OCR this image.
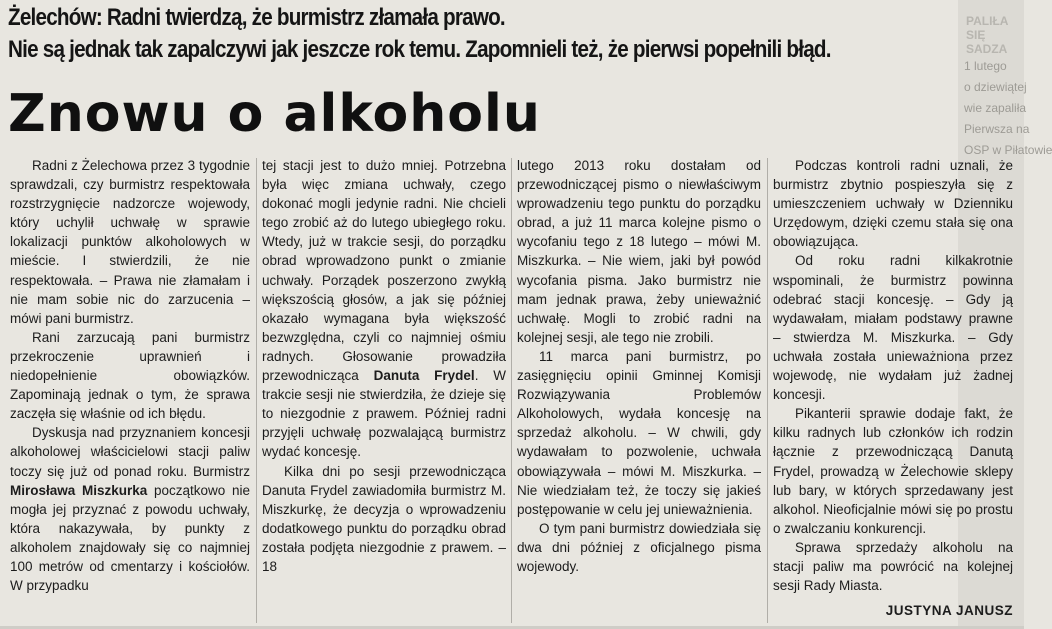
PALIŁA SIĘ SADZA
1 lutego
o dziewiątej
wie zapaliła
Pierwsza na
OSP w Piłatowie
Żelechów: Radni twierdzą, że burmistrz złamała prawo.
Nie są jednak tak zapalczywi jak jeszcze rok temu. Zapomnieli też, że pierwsi popełnili błąd.
Znowu o alkoholu

Radni z Żelechowa przez 3 tygodnie sprawdzali, czy burmistrz respektowała rozstrzygnięcie nadzorcze wojewody, który uchylił uchwałę w sprawie lokalizacji punktów alkoholowych w mieście. I stwierdzili, że nie respektowała. – Prawa nie złamałam i nie mam sobie nic do zarzucenia – mówi pani burmistrz.

Rani zarzucają pani burmistrz przekroczenie uprawnień i niedopełnienie obowiązków. Zapominają jednak o tym, że sprawa zaczęła się właśnie od ich błędu.

Dyskusja nad przyznaniem koncesji alkoholowej właścicielowi stacji paliw toczy się już od ponad roku. Burmistrz Mirosława Miszkurka początkowo nie mogła jej przyznać z powodu uchwały, która nakazywała, by punkty z alkoholem znajdowały się co najmniej 100 metrów od cmentarzy i kościołów. W przypadku

tej stacji jest to dużo mniej. Potrzebna była więc zmiana uchwały, czego dokonać mogli jedynie radni. Nie chcieli tego zrobić aż do lutego ubiegłego roku. Wtedy, już w trakcie sesji, do porządku obrad wprowadzono punkt o zmianie uchwały. Porządek poszerzono zwykłą większością głosów, a jak się później okazało wymagana była większość bezwzględna, czyli co najmniej ośmiu radnych. Głosowanie prowadziła przewodnicząca Danuta Frydel. W trakcie sesji nie stwierdziła, że dzieje się to niezgodnie z prawem. Później radni przyjęli uchwałę pozwalającą burmistrz wydać koncesję.

Kilka dni po sesji przewodnicząca Danuta Frydel zawiadomiła burmistrz M. Miszkurkę, że decyzja o wprowadzeniu dodatkowego punktu do porządku obrad została podjęta niezgodnie z prawem. – 18

lutego 2013 roku dostałam od przewodniczącej pismo o niewłaściwym wprowadzeniu tego punktu do porządku obrad, a już 11 marca kolejne pismo o wycofaniu tego z 18 lutego – mówi M. Miszkurka. – Nie wiem, jaki był powód wycofania pisma. Jako burmistrz nie mam jednak prawa, żeby unieważnić uchwałę. Mogli to zrobić radni na kolejnej sesji, ale tego nie zrobili.

11 marca pani burmistrz, po zasięgnięciu opinii Gminnej Komisji Rozwiązywania Problemów Alkoholowych, wydała koncesję na sprzedaż alkoholu. – W chwili, gdy wydawałam to pozwolenie, uchwała obowiązywała – mówi M. Miszkurka. – Nie wiedziałam też, że toczy się jakieś postępowanie w celu jej unieważnienia.

O tym pani burmistrz dowiedziała się dwa dni później z oficjalnego pisma wojewody.

Podczas kontroli radni uznali, że burmistrz zbytnio pospieszyła się z umieszczeniem uchwały w Dzienniku Urzędowym, dzięki czemu stała się ona obowiązująca.

Od roku radni kilkakrotnie wspominali, że burmistrz powinna odebrać stacji koncesję. – Gdy ją wydawałam, miałam podstawy prawne – stwierdza M. Miszkurka. – Gdy uchwała została unieważniona przez wojewodę, nie wydałam już żadnej koncesji.

Pikanterii sprawie dodaje fakt, że kilku radnych lub członków ich rodzin łącznie z przewodniczącą Danutą Frydel, prowadzą w Żelechowie sklepy lub bary, w których sprzedawany jest alkohol. Nieoficjalnie mówi się po prostu o zwalczaniu konkurencji.

Sprawa sprzedaży alkoholu na stacji paliw ma powrócić na kolejnej sesji Rady Miasta.

JUSTYNA JANUSZ
